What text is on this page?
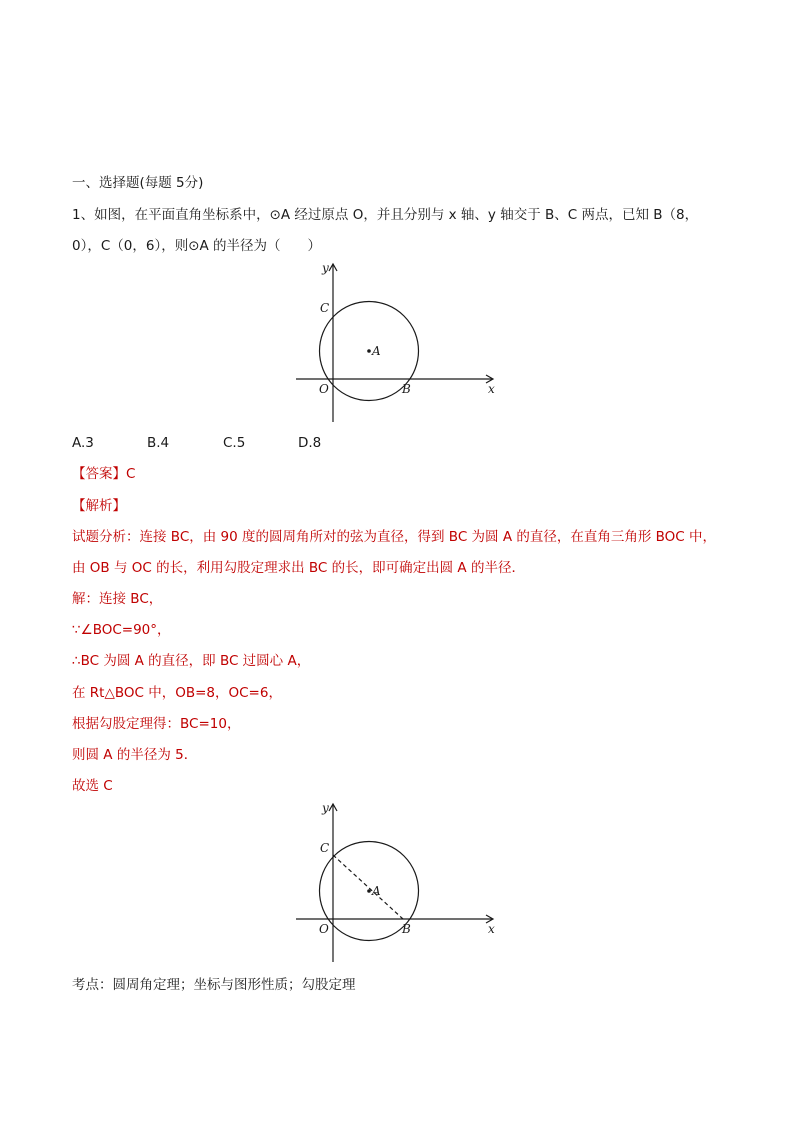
一、选择题(每题 5分)
1、如图，在平面直角坐标系中，⊙A 经过原点 O，并且分别与 x 轴、y 轴交于 B、C 两点，已知 B（8，
0），C（0，6），则⊙A 的半径为（　　）
y
x
O
A
B
C
A.3	B.4	C.5	D.8
【答案】C
【解析】
试题分析：连接 BC，由 90 度的圆周角所对的弦为直径，得到 BC 为圆 A 的直径，在直角三角形 BOC 中，
由 OB 与 OC 的长，利用勾股定理求出 BC 的长，即可确定出圆 A 的半径．
解：连接 BC，
∵∠BOC=90°，
∴BC 为圆 A 的直径，即 BC 过圆心 A，
在 Rt△BOC 中，OB=8，OC=6，
根据勾股定理得：BC=10，
则圆 A 的半径为 5．
故选 C
y
x
O
A
B
C
考点：圆周角定理；坐标与图形性质；勾股定理
